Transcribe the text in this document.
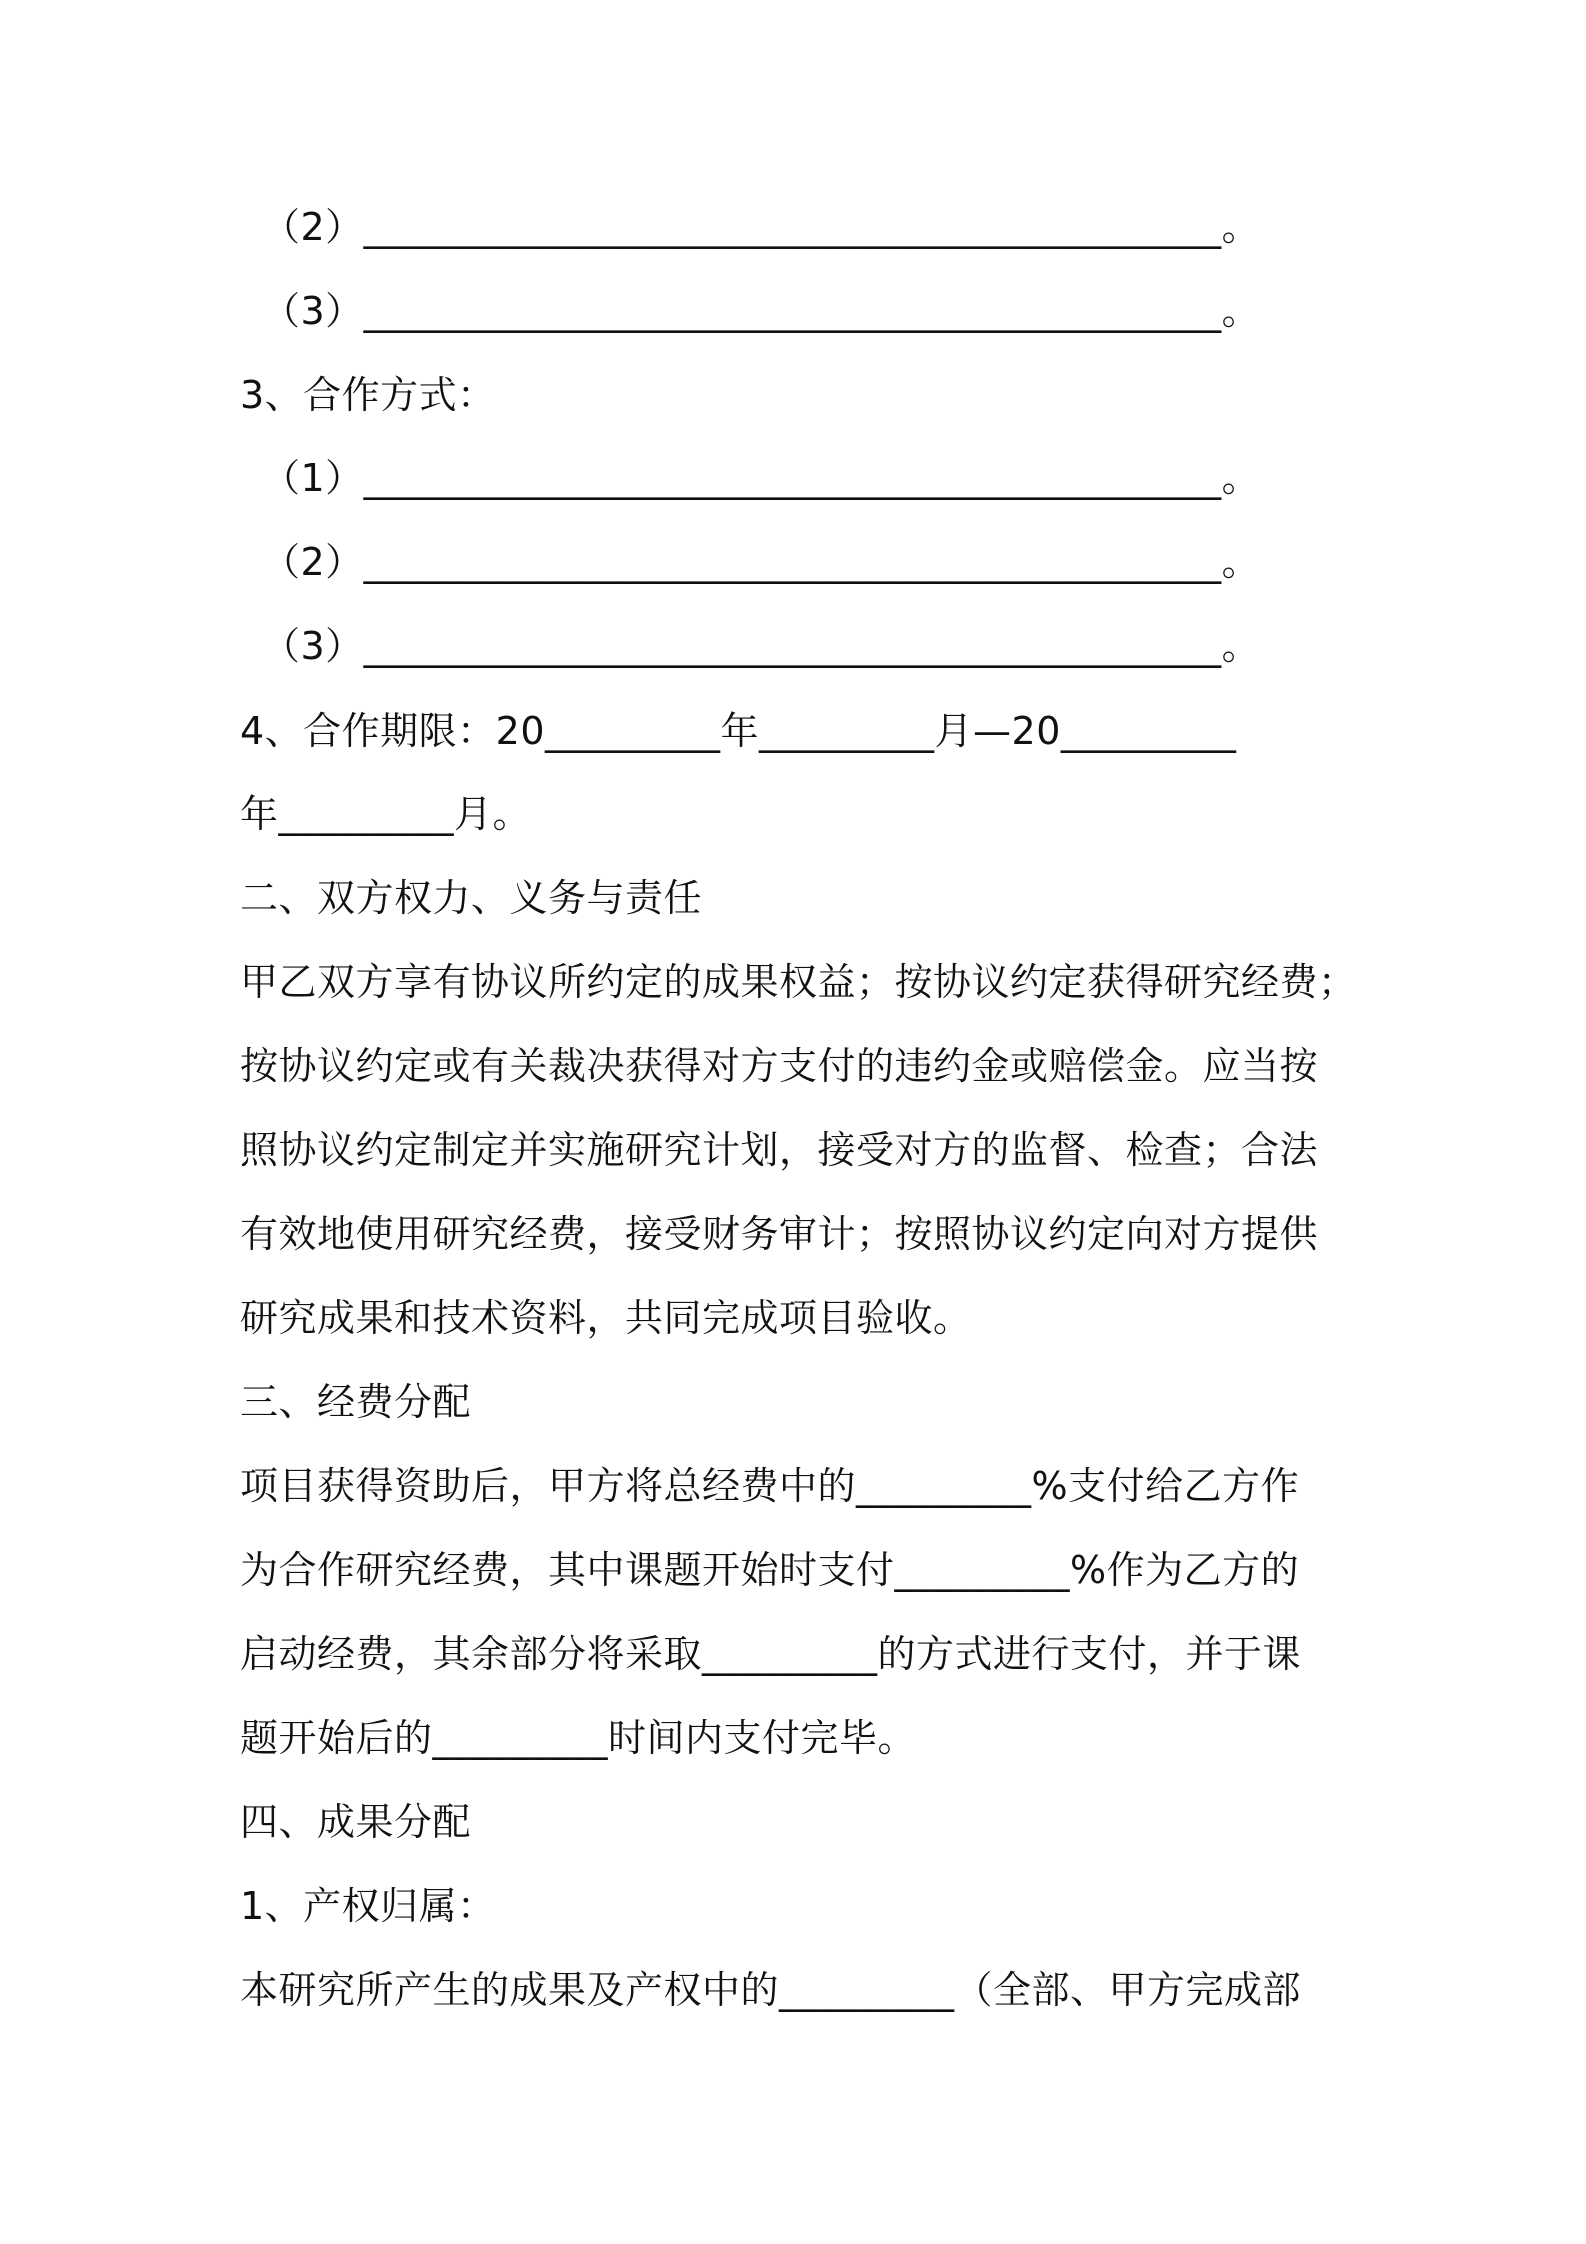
（2）____________________________________________。
（3）____________________________________________。
3、合作方式：
（1）____________________________________________。
（2）____________________________________________。
（3）____________________________________________。
4、合作期限：20_________年_________月—20_________
年_________月。
二、双方权力、义务与责任
甲乙双方享有协议所约定的成果权益；按协议约定获得研究经费；
按协议约定或有关裁决获得对方支付的违约金或赔偿金。应当按
照协议约定制定并实施研究计划，接受对方的监督、检查；合法
有效地使用研究经费，接受财务审计；按照协议约定向对方提供
研究成果和技术资料，共同完成项目验收。
三、经费分配
项目获得资助后，甲方将总经费中的_________%支付给乙方作
为合作研究经费，其中课题开始时支付_________%作为乙方的
启动经费，其余部分将采取_________的方式进行支付，并于课
题开始后的_________时间内支付完毕。
四、成果分配
1、产权归属：
本研究所产生的成果及产权中的_________（全部、甲方完成部
